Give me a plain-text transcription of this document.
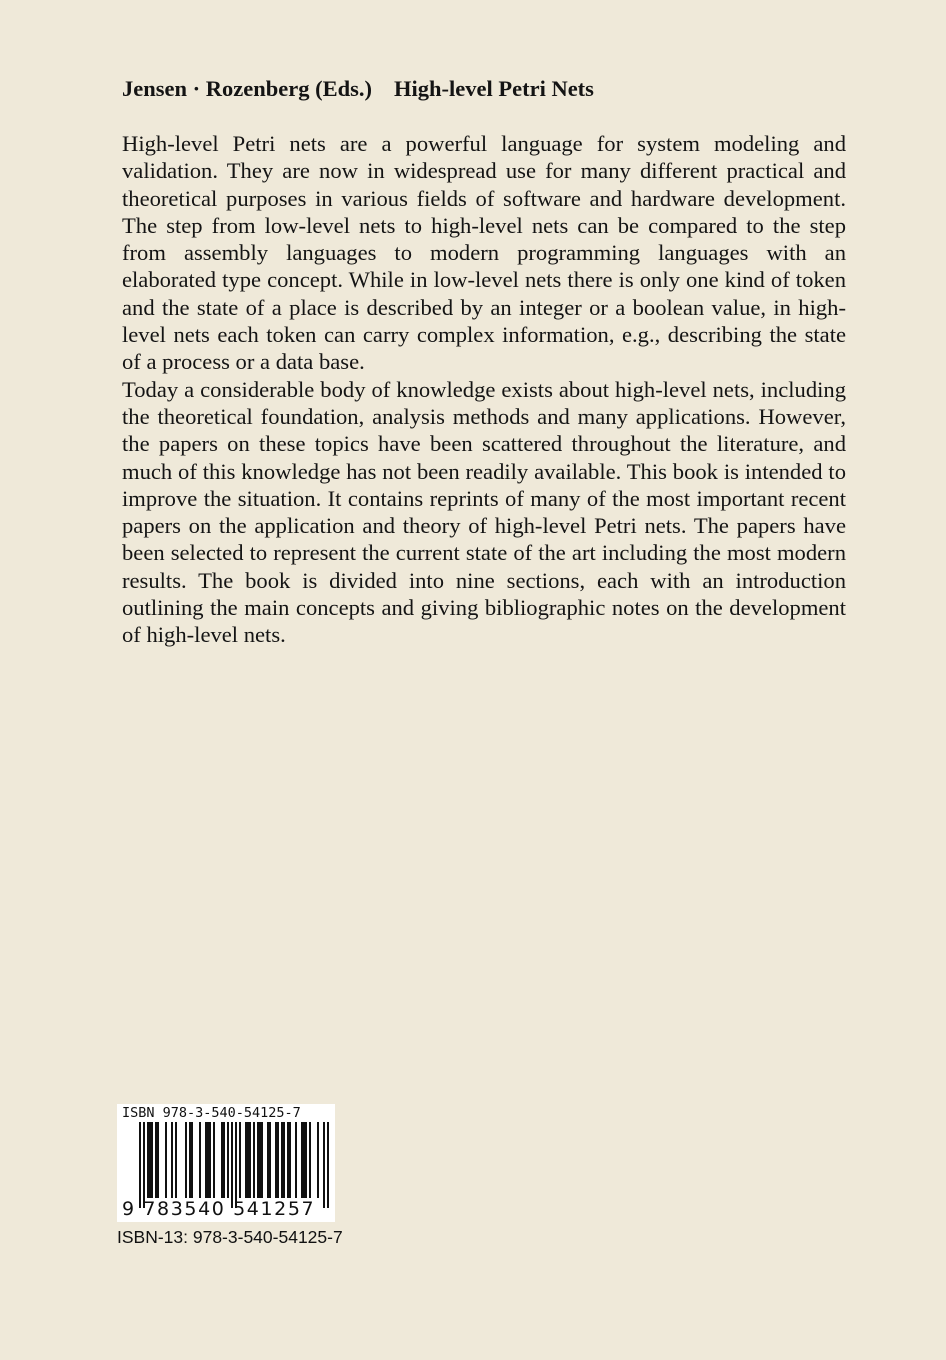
Jensen · Rozenberg (Eds.) High-level Petri Nets

High-level Petri nets are a powerful language for system modeling and validation. They are now in widespread use for many different practical and theoretical purposes in various fields of software and hardware development. The step from low-level nets to high-level nets can be compared to the step from assembly languages to modern programming languages with an elaborated type concept. While in low-level nets there is only one kind of token and the state of a place is described by an integer or a boolean value, in high-level nets each token can carry complex information, e.g., describing the state of a process or a data base.

Today a considerable body of knowledge exists about high-level nets, including the theoretical foundation, analysis methods and many applications. However, the papers on these topics have been scattered throughout the literature, and much of this knowledge has not been readily available. This book is intended to improve the situation. It contains reprints of many of the most important recent papers on the application and theory of high-level Petri nets. The papers have been selected to represent the current state of the art including the most modern results. The book is divided into nine sections, each with an introduction outlining the main concepts and giving bibliographic notes on the development of high-level nets.

ISBN 978-3-540-54125-7
9 783540 541257
ISBN-13: 978-3-540-54125-7
